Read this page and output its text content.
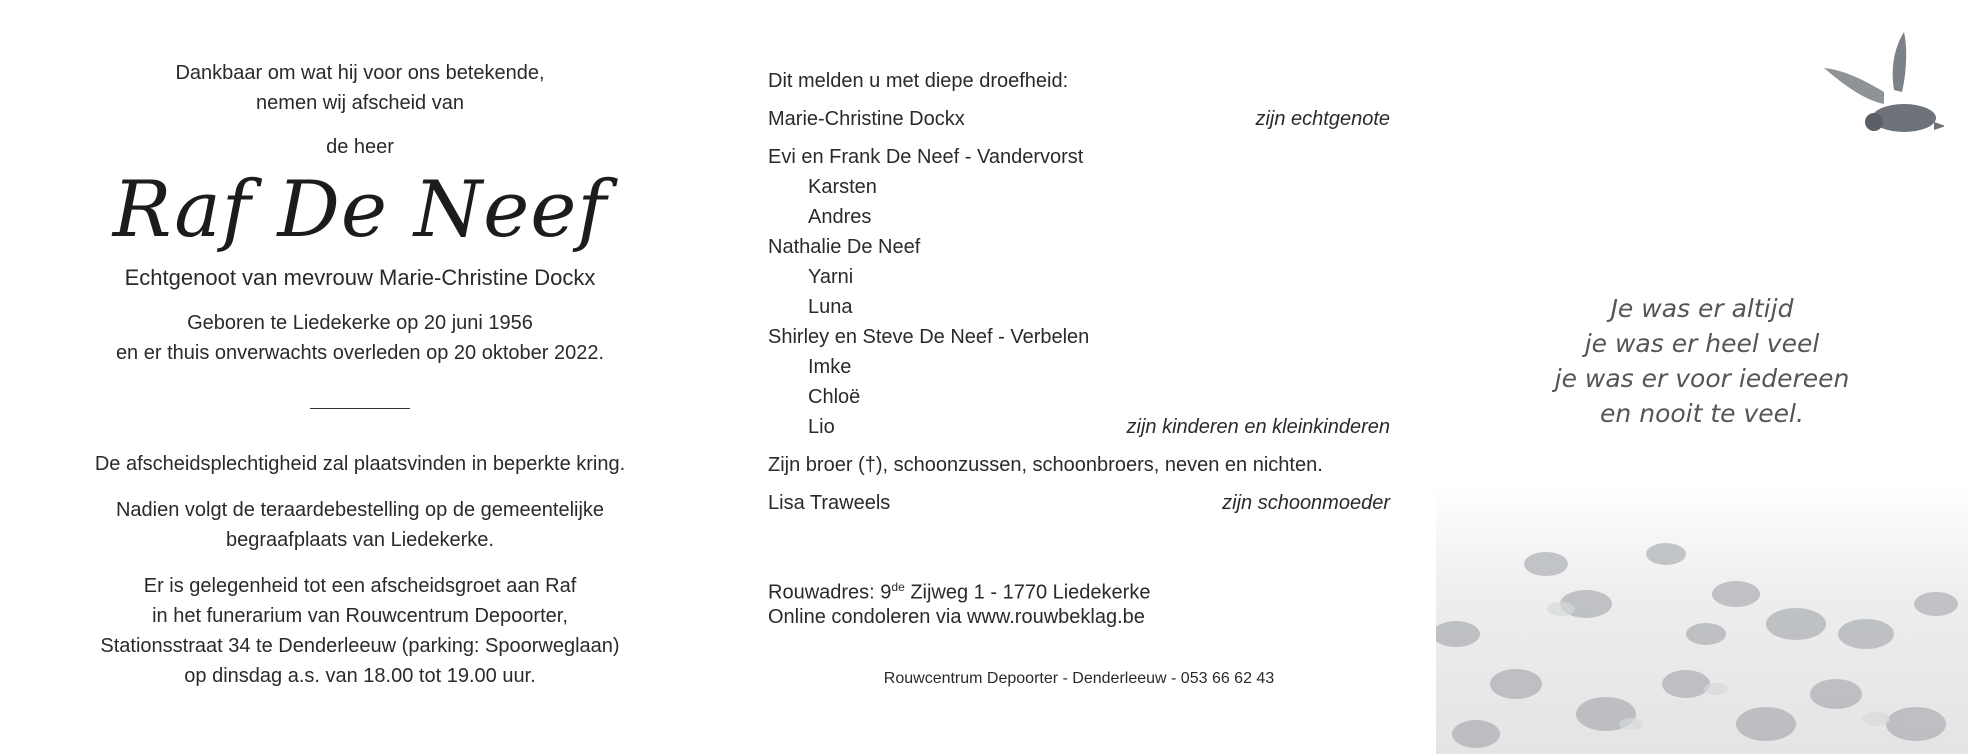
Dankbaar om wat hij voor ons betekende,
nemen wij afscheid van
de heer
Raf De Neef
Echtgenoot van mevrouw Marie-Christine Dockx
Geboren te Liedekerke op 20 juni 1956
en er thuis onverwachts overleden op 20 oktober 2022.
De afscheidsplechtigheid zal plaatsvinden in beperkte kring.
Nadien volgt de teraardebestelling op de gemeentelijke
begraafplaats van Liedekerke.
Er is gelegenheid tot een afscheidsgroet aan Raf
in het funerarium van Rouwcentrum Depoorter,
Stationsstraat 34 te Denderleeuw (parking: Spoorweglaan)
op dinsdag a.s. van 18.00 tot 19.00 uur.
Dit melden u met diepe droefheid:
Marie-Christine Dockx	zijn echtgenote
Evi en Frank De Neef - Vandervorst
Karsten
Andres
Nathalie De Neef
Yarni
Luna
Shirley en Steve De Neef - Verbelen
Imke
Chloë
Lio	zijn kinderen en kleinkinderen
Zijn broer (†), schoonzussen, schoonbroers, neven en nichten.
Lisa Traweels	zijn schoonmoeder
Rouwadres: 9de Zijweg 1 - 1770 Liedekerke
Online condoleren via www.rouwbeklag.be
Rouwcentrum Depoorter - Denderleeuw - 053 66 62 43
Je was er altijd
je was er heel veel
je was er voor iedereen
en nooit te veel.
